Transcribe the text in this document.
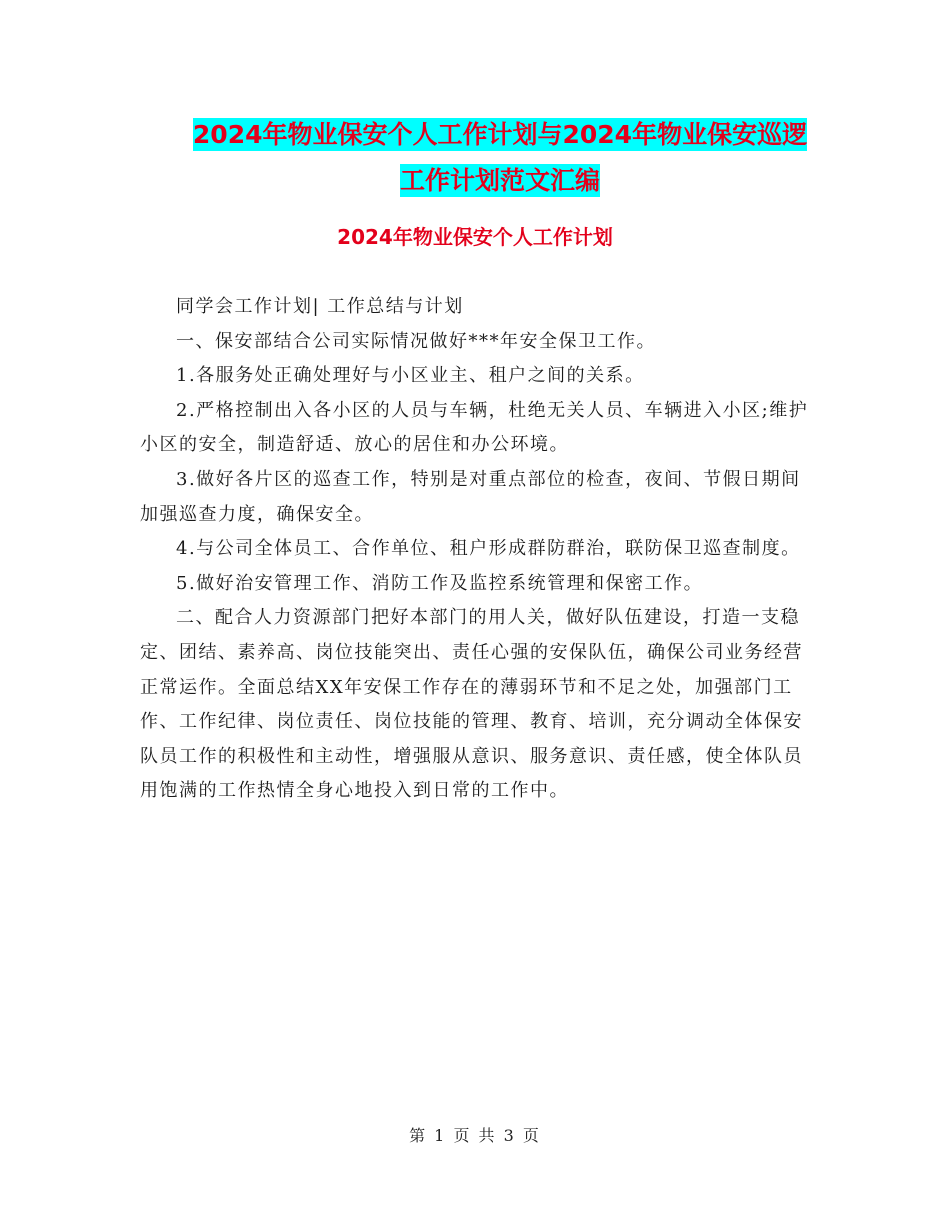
2024年物业保安个人工作计划与2024年物业保安巡逻
工作计划范文汇编
2024年物业保安个人工作计划

同学会工作计划| 工作总结与计划

一、保安部结合公司实际情况做好***年安全保卫工作。

1.各服务处正确处理好与小区业主、租户之间的关系。

2.严格控制出入各小区的人员与车辆，杜绝无关人员、车辆进入小区;维护小区的安全，制造舒适、放心的居住和办公环境。

3.做好各片区的巡查工作，特别是对重点部位的检查，夜间、节假日期间加强巡查力度，确保安全。

4.与公司全体员工、合作单位、租户形成群防群治，联防保卫巡查制度。

5.做好治安管理工作、消防工作及监控系统管理和保密工作。

二、配合人力资源部门把好本部门的用人关，做好队伍建设，打造一支稳定、团结、素养高、岗位技能突出、责任心强的安保队伍，确保公司业务经营正常运作。全面总结XX年安保工作存在的薄弱环节和不足之处，加强部门工作、工作纪律、岗位责任、岗位技能的管理、教育、培训，充分调动全体保安队员工作的积极性和主动性，增强服从意识、服务意识、责任感，使全体队员用饱满的工作热情全身心地投入到日常的工作中。

第 1 页 共 3 页
